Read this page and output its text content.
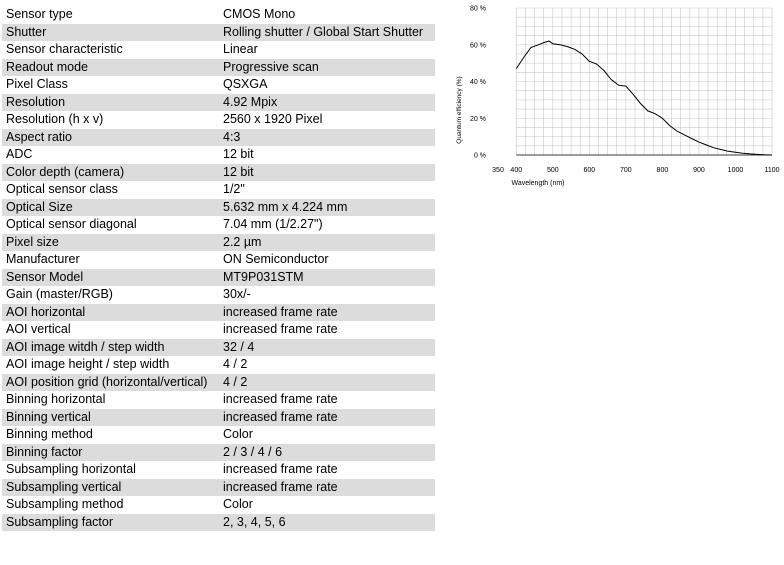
Sensor type	CMOS Mono
Shutter	Rolling shutter / Global Start Shutter
Sensor characteristic	Linear
Readout mode	Progressive scan
Pixel Class	QSXGA
Resolution	4.92 Mpix
Resolution (h x v)	2560 x 1920 Pixel
Aspect ratio	4:3
ADC	12 bit
Color depth (camera)	12 bit
Optical sensor class	1/2"
Optical Size	5.632 mm x 4.224 mm
Optical sensor diagonal	7.04 mm (1/2.27")
Pixel size	2.2 µm
Manufacturer	ON Semiconductor
Sensor Model	MT9P031STM
Gain (master/RGB)	30x/-
AOI horizontal	increased frame rate
AOI vertical	increased frame rate
AOI image witdh / step width	32 / 4
AOI image height / step width	4 / 2
AOI position grid (horizontal/vertical)	4 / 2
Binning horizontal	increased frame rate
Binning vertical	increased frame rate
Binning method	Color
Binning factor	2 / 3 / 4 / 6
Subsampling horizontal	increased frame rate
Subsampling vertical	increased frame rate
Subsampling method	Color
Subsampling factor	2, 3, 4, 5, 6
350 400	500	600	700	800	900	1000	1100
0 %
20 %
40 %
60 %
80 %
Wavelength (nm)
Quantum efficiency (%)
